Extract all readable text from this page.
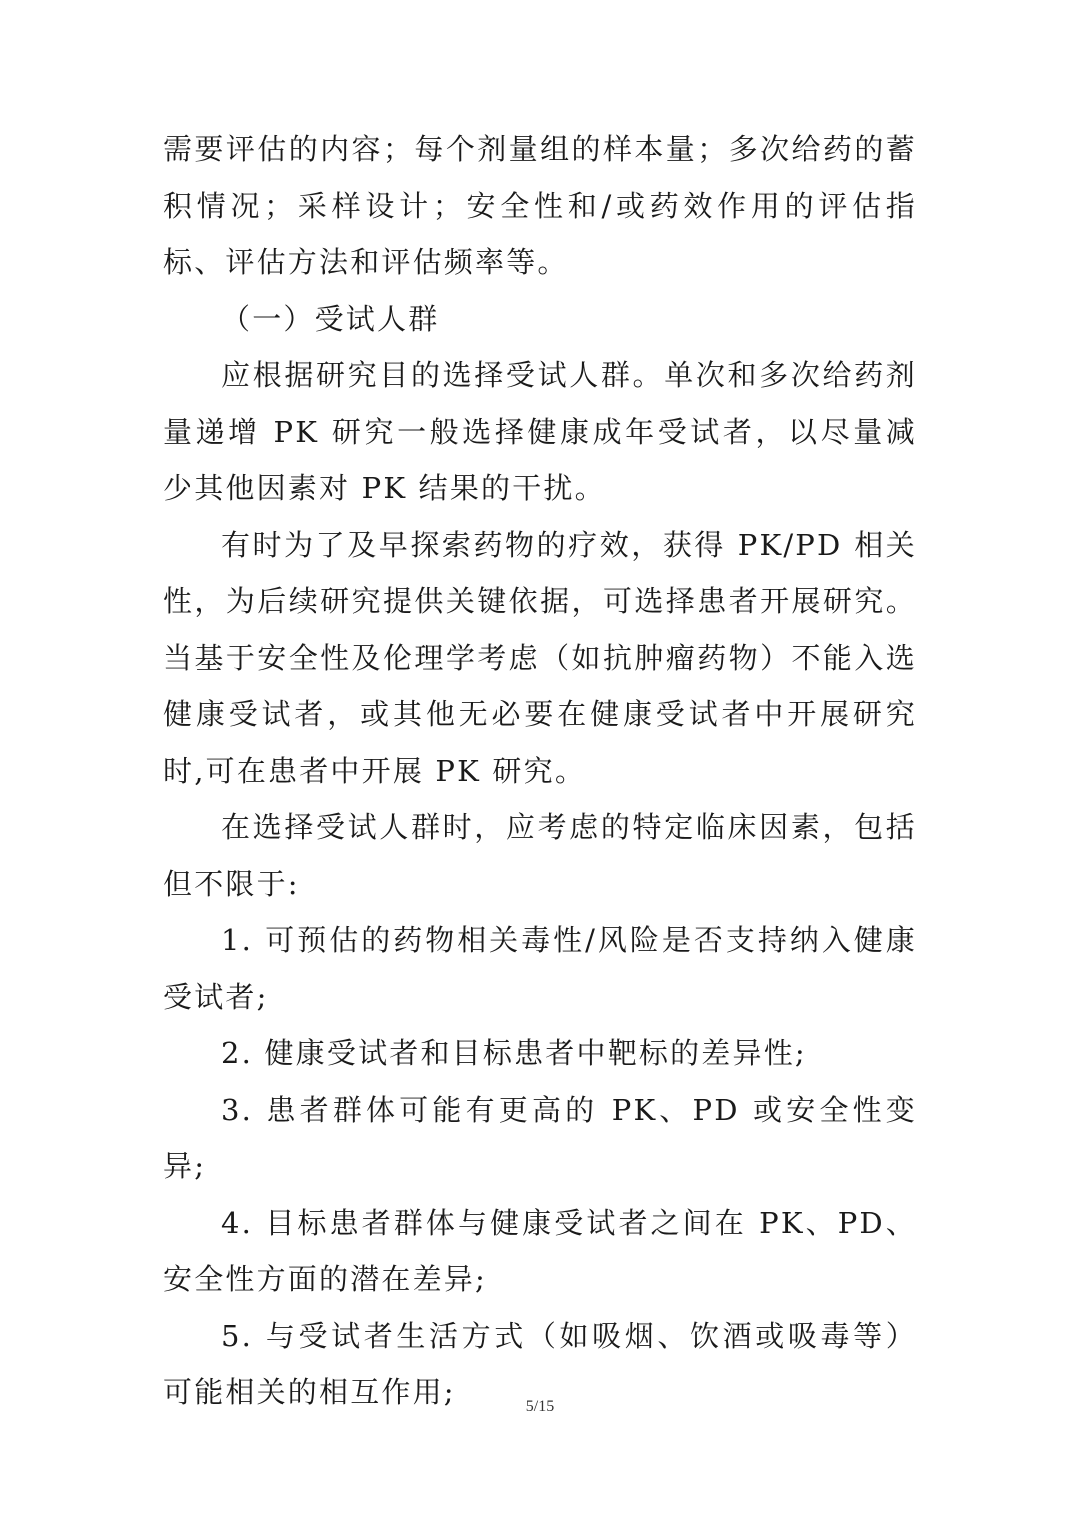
需要评估的内容；每个剂量组的样本量；多次给药的蓄积情况；采样设计；安全性和/或药效作用的评估指标、评估方法和评估频率等。

（一）受试人群

应根据研究目的选择受试人群。单次和多次给药剂量递增 PK 研究一般选择健康成年受试者，以尽量减少其他因素对 PK 结果的干扰。

有时为了及早探索药物的疗效，获得 PK/PD 相关性，为后续研究提供关键依据，可选择患者开展研究。当基于安全性及伦理学考虑（如抗肿瘤药物）不能入选健康受试者，或其他无必要在健康受试者中开展研究时,可在患者中开展 PK 研究。

在选择受试人群时，应考虑的特定临床因素，包括但不限于:

1. 可预估的药物相关毒性/风险是否支持纳入健康受试者;

2. 健康受试者和目标患者中靶标的差异性;

3. 患者群体可能有更高的 PK、PD 或安全性变异;

4. 目标患者群体与健康受试者之间在 PK、PD、安全性方面的潜在差异;

5. 与受试者生活方式（如吸烟、饮酒或吸毒等）可能相关的相互作用;	5/15
